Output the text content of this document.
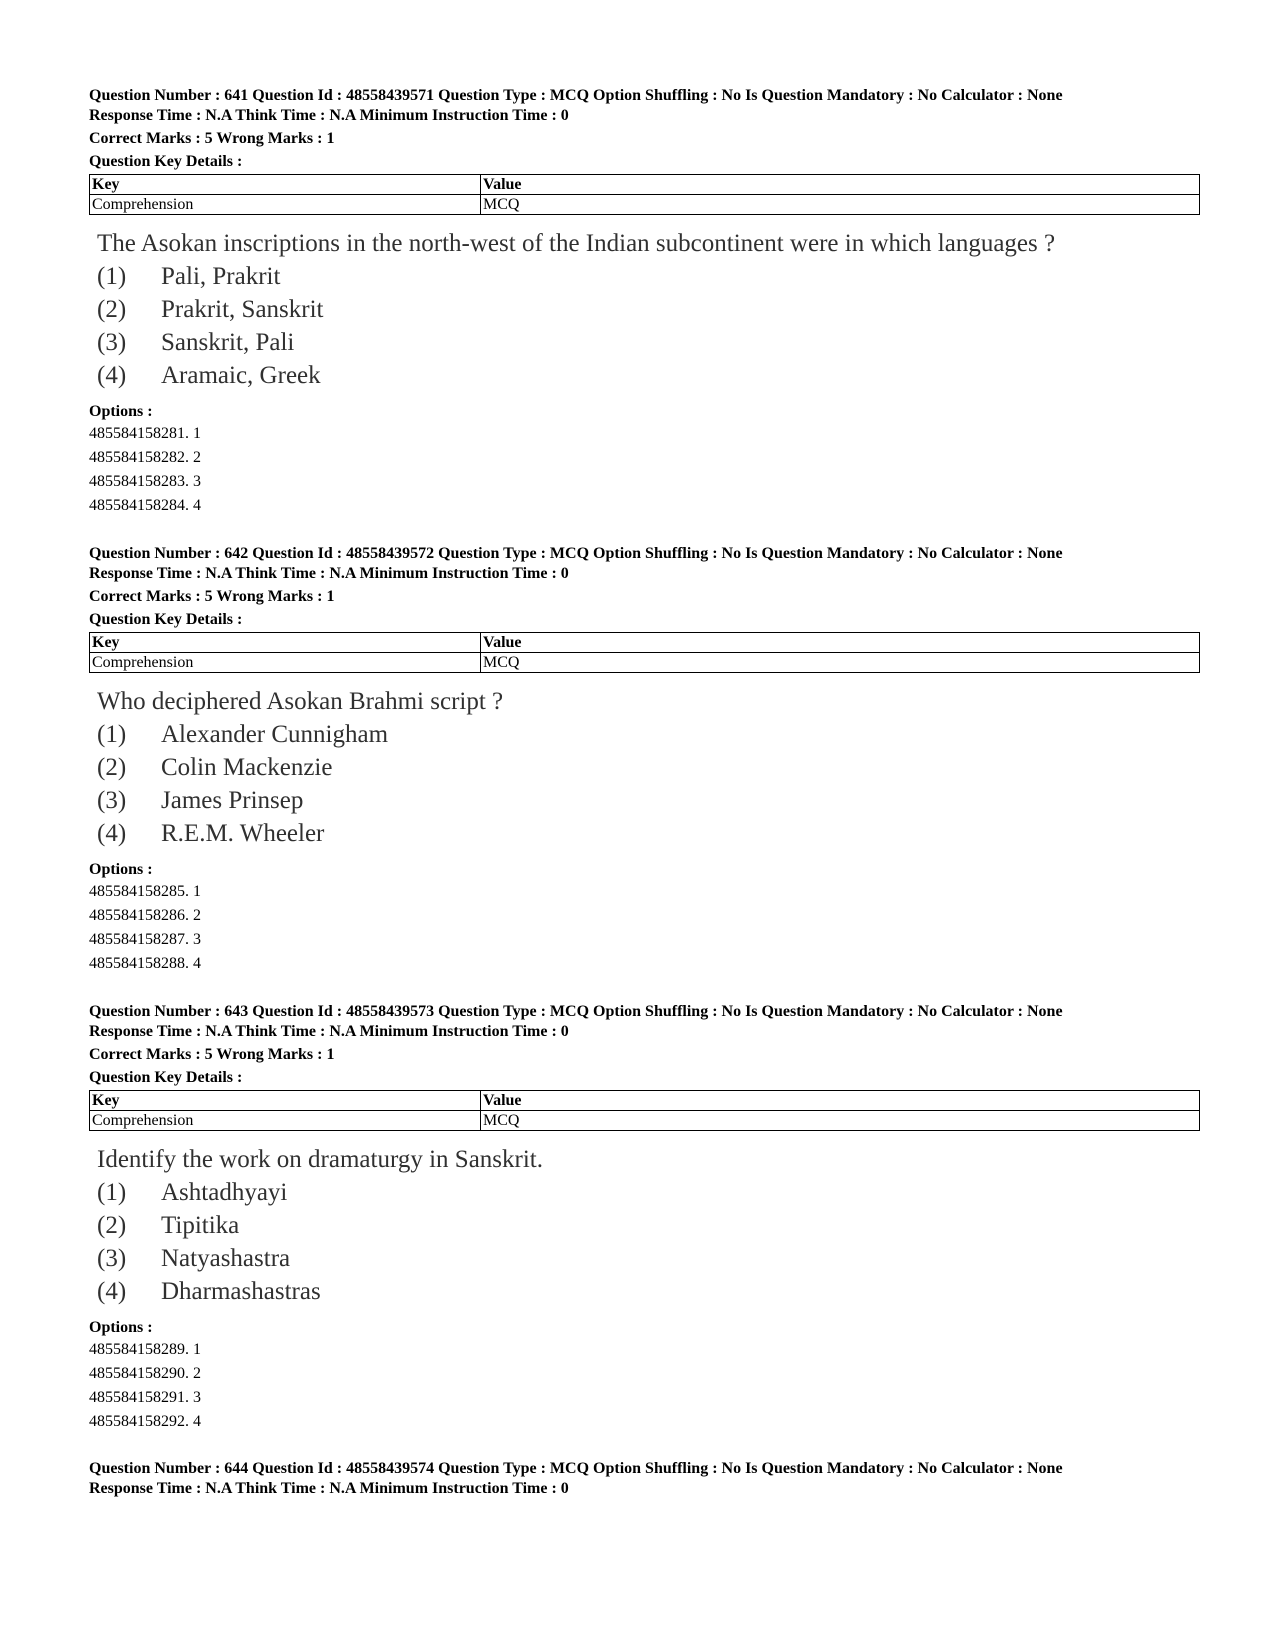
Question Number : 641 Question Id : 48558439571 Question Type : MCQ Option Shuffling : No Is Question Mandatory : No Calculator : None
Response Time : N.A Think Time : N.A Minimum Instruction Time : 0
Correct Marks : 5 Wrong Marks : 1
Question Key Details :
Key	Value
Comprehension	MCQ
The Asokan inscriptions in the north-west of the Indian subcontinent were in which languages ?
(1)	Pali, Prakrit
(2)	Prakrit, Sanskrit
(3)	Sanskrit, Pali
(4)	Aramaic, Greek
Options :
485584158281. 1
485584158282. 2
485584158283. 3
485584158284. 4
Question Number : 642 Question Id : 48558439572 Question Type : MCQ Option Shuffling : No Is Question Mandatory : No Calculator : None
Response Time : N.A Think Time : N.A Minimum Instruction Time : 0
Correct Marks : 5 Wrong Marks : 1
Question Key Details :
Key	Value
Comprehension	MCQ
Who deciphered Asokan Brahmi script ?
(1)	Alexander Cunnigham
(2)	Colin Mackenzie
(3)	James Prinsep
(4)	R.E.M. Wheeler
Options :
485584158285. 1
485584158286. 2
485584158287. 3
485584158288. 4
Question Number : 643 Question Id : 48558439573 Question Type : MCQ Option Shuffling : No Is Question Mandatory : No Calculator : None
Response Time : N.A Think Time : N.A Minimum Instruction Time : 0
Correct Marks : 5 Wrong Marks : 1
Question Key Details :
Key	Value
Comprehension	MCQ
Identify the work on dramaturgy in Sanskrit.
(1)	Ashtadhyayi
(2)	Tipitika
(3)	Natyashastra
(4)	Dharmashastras
Options :
485584158289. 1
485584158290. 2
485584158291. 3
485584158292. 4
Question Number : 644 Question Id : 48558439574 Question Type : MCQ Option Shuffling : No Is Question Mandatory : No Calculator : None
Response Time : N.A Think Time : N.A Minimum Instruction Time : 0
